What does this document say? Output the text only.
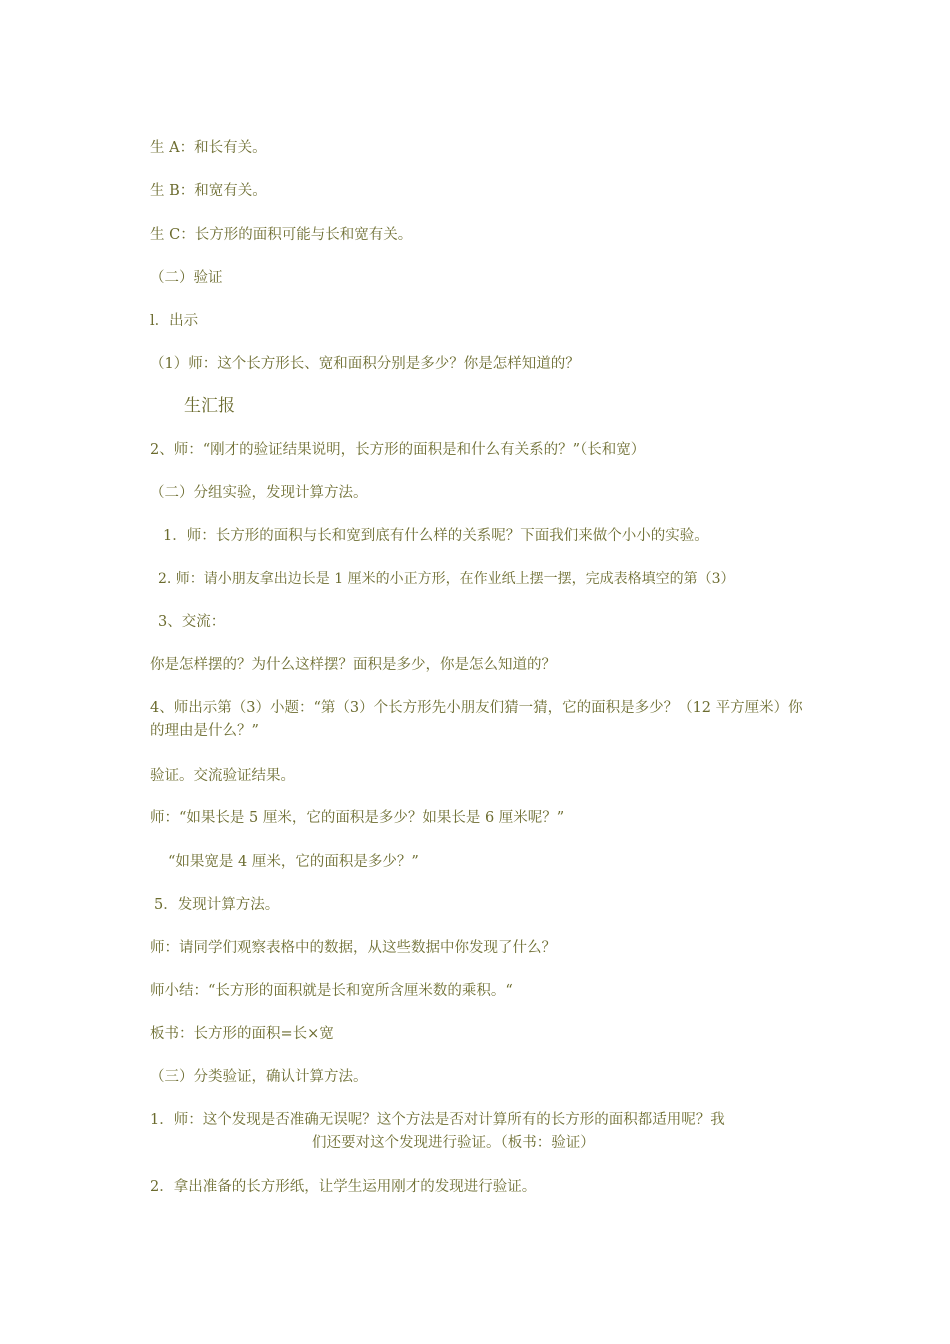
生 A：和长有关。
生 B：和宽有关。
生 C：长方形的面积可能与长和宽有关。
（二）验证
l．出示
（1）师：这个长方形长、宽和面积分别是多少？你是怎样知道的？
生汇报
2、师：“刚才的验证结果说明，长方形的面积是和什么有关系的？”（长和宽）
（二）分组实验，发现计算方法。
1．师：长方形的面积与长和宽到底有什么样的关系呢？下面我们来做个小小的实验。
2. 师：请小朋友拿出边长是 1 厘米的小正方形，在作业纸上摆一摆，完成表格填空的第（3）
3、交流：
你是怎样摆的？为什么这样摆？面积是多少，你是怎么知道的？
4、师出示第（3）小题：“第（3）个长方形先小朋友们猜一猜，它的面积是多少？（12 平方厘米）你的理由是什么？”
验证。交流验证结果。
师：“如果长是 5 厘米，它的面积是多少？如果长是 6 厘米呢？”
“如果宽是 4 厘米，它的面积是多少？”
5．发现计算方法。
师：请同学们观察表格中的数据，从这些数据中你发现了什么？
师小结：“长方形的面积就是长和宽所含厘米数的乘积。“
板书：长方形的面积=长×宽
（三）分类验证，确认计算方法。
1．师：这个发现是否准确无误呢？这个方法是否对计算所有的长方形的面积都适用呢？我
们还要对这个发现进行验证。（板书：验证）
2．拿出准备的长方形纸，让学生运用刚才的发现进行验证。
